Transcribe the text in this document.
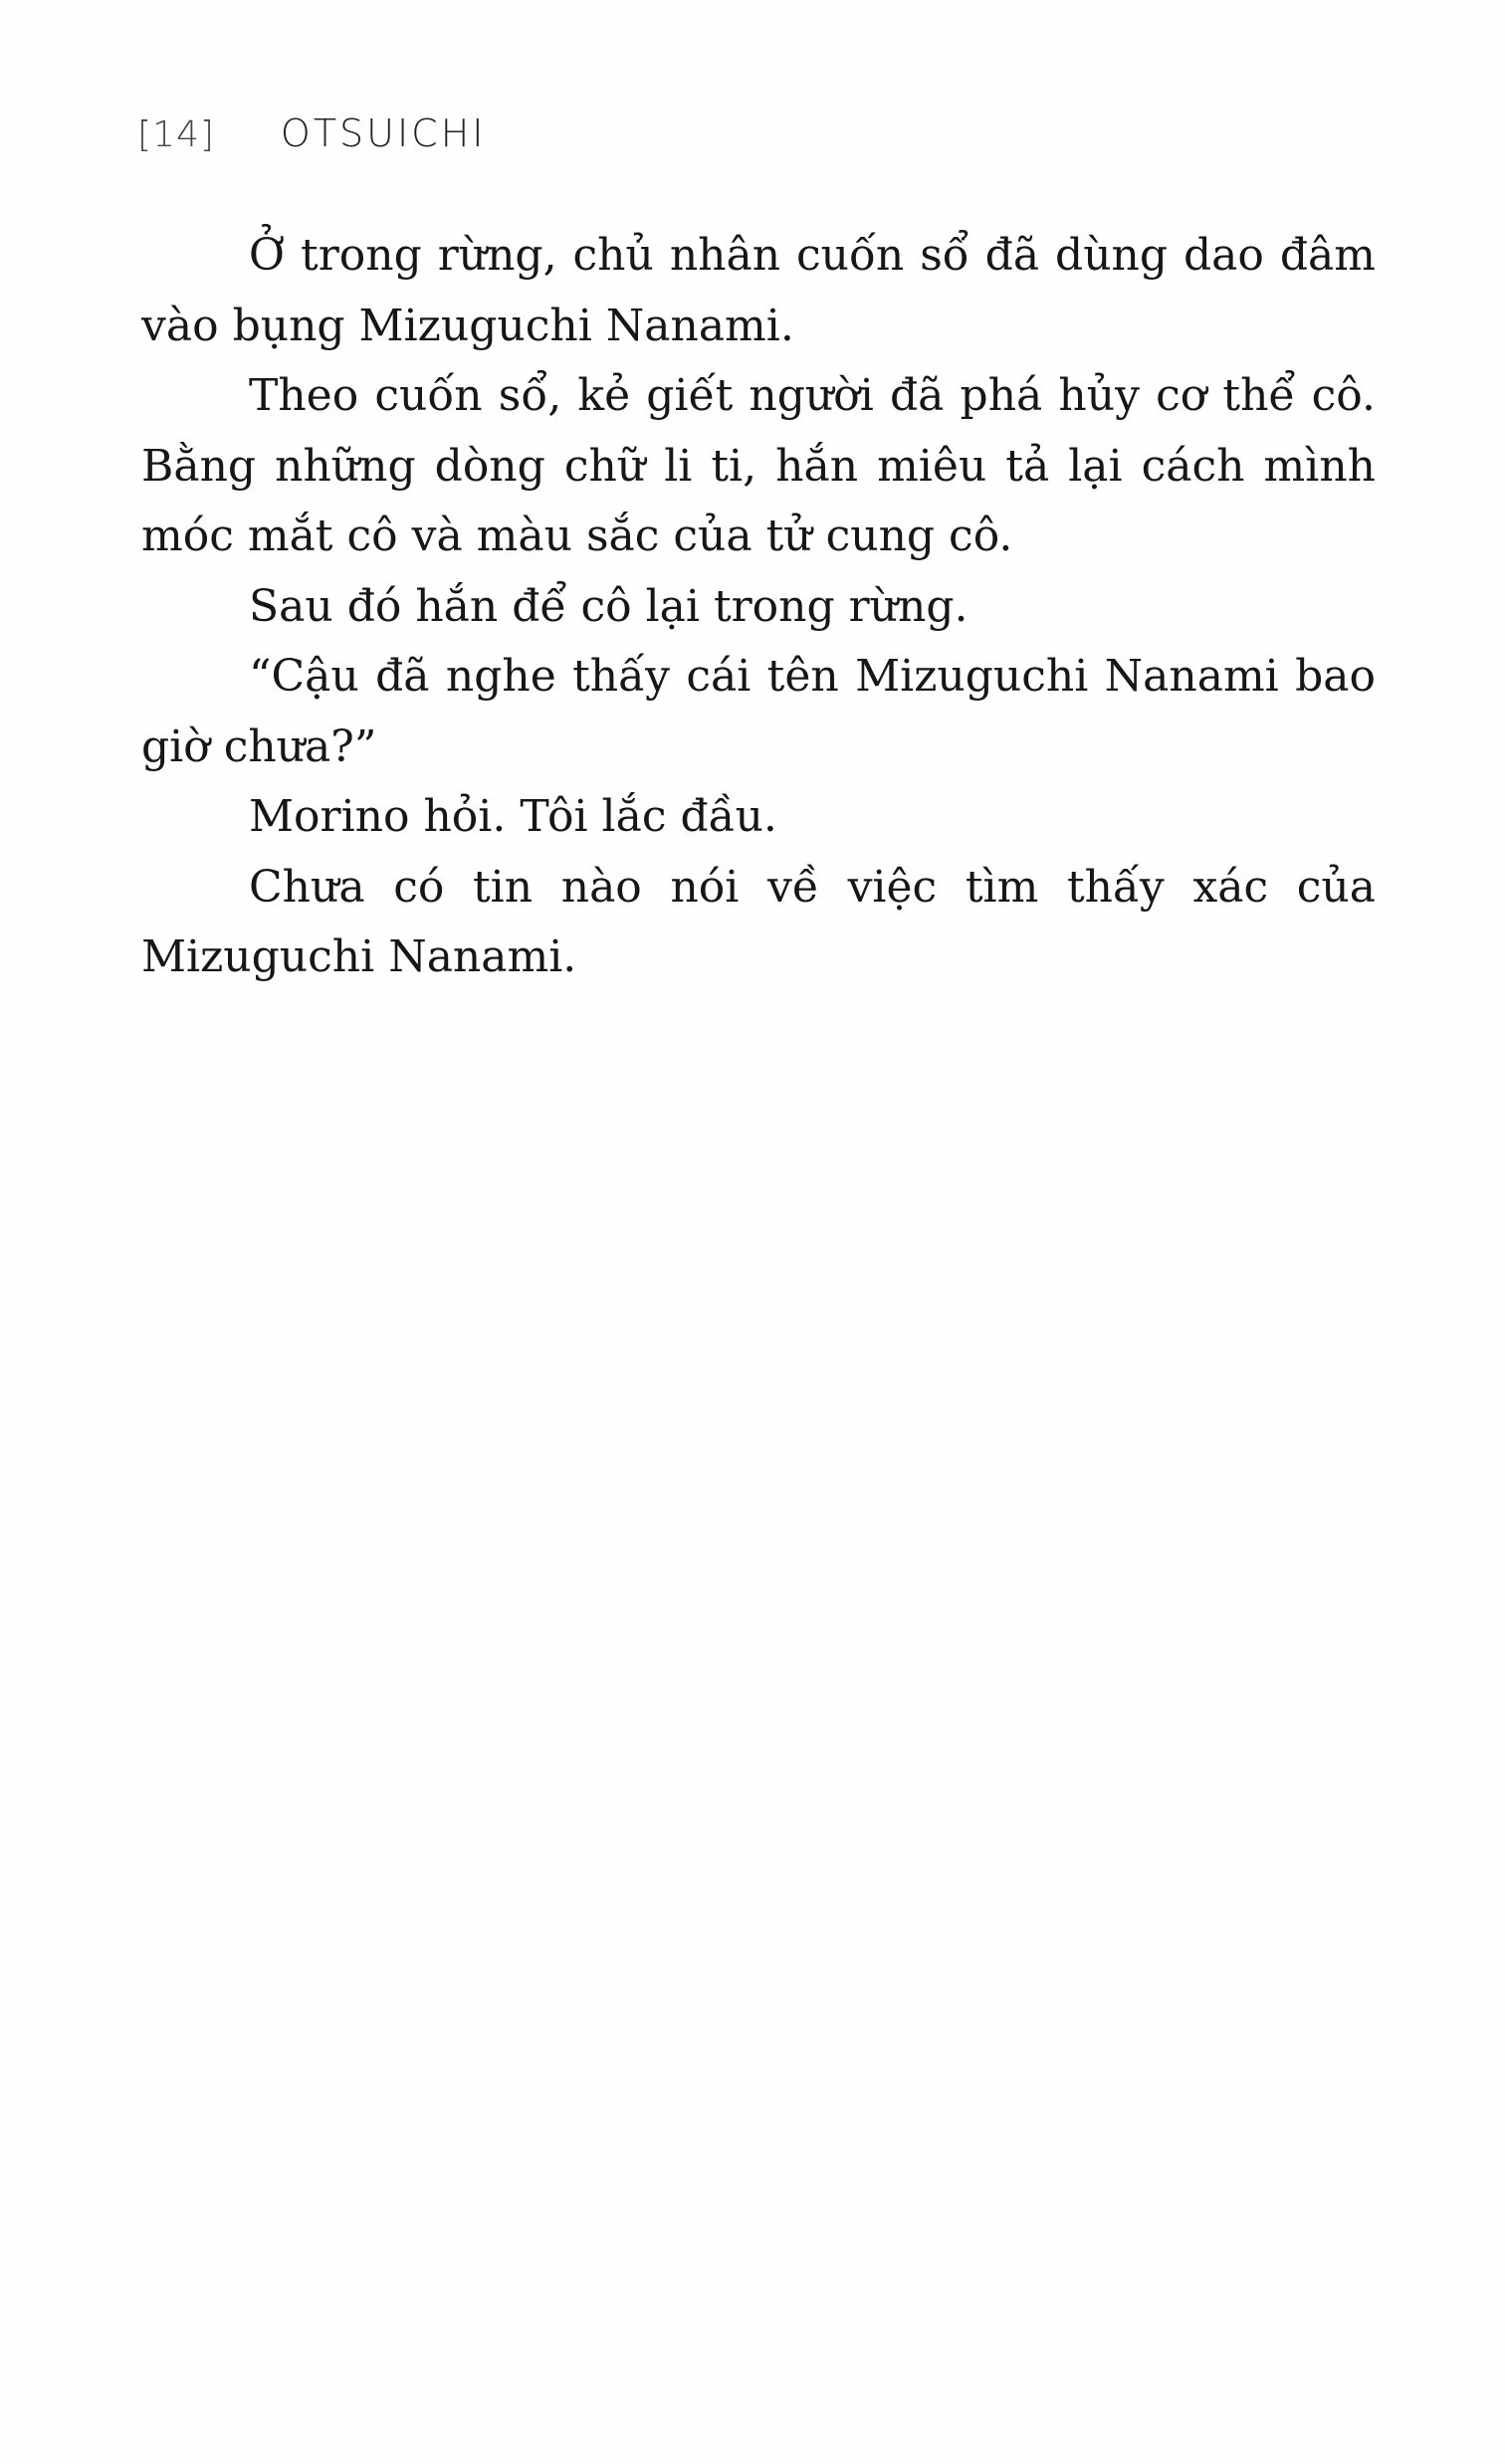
[14] OTSUICHI

Ở trong rừng, chủ nhân cuốn sổ đã dùng dao đâm vào bụng Mizuguchi Nanami.

Theo cuốn sổ, kẻ giết người đã phá hủy cơ thể cô. Bằng những dòng chữ li ti, hắn miêu tả lại cách mình móc mắt cô và màu sắc của tử cung cô.

Sau đó hắn để cô lại trong rừng.

“Cậu đã nghe thấy cái tên Mizuguchi Nanami bao giờ chưa?”

Morino hỏi. Tôi lắc đầu.

Chưa có tin nào nói về việc tìm thấy xác của Mizuguchi Nanami.
